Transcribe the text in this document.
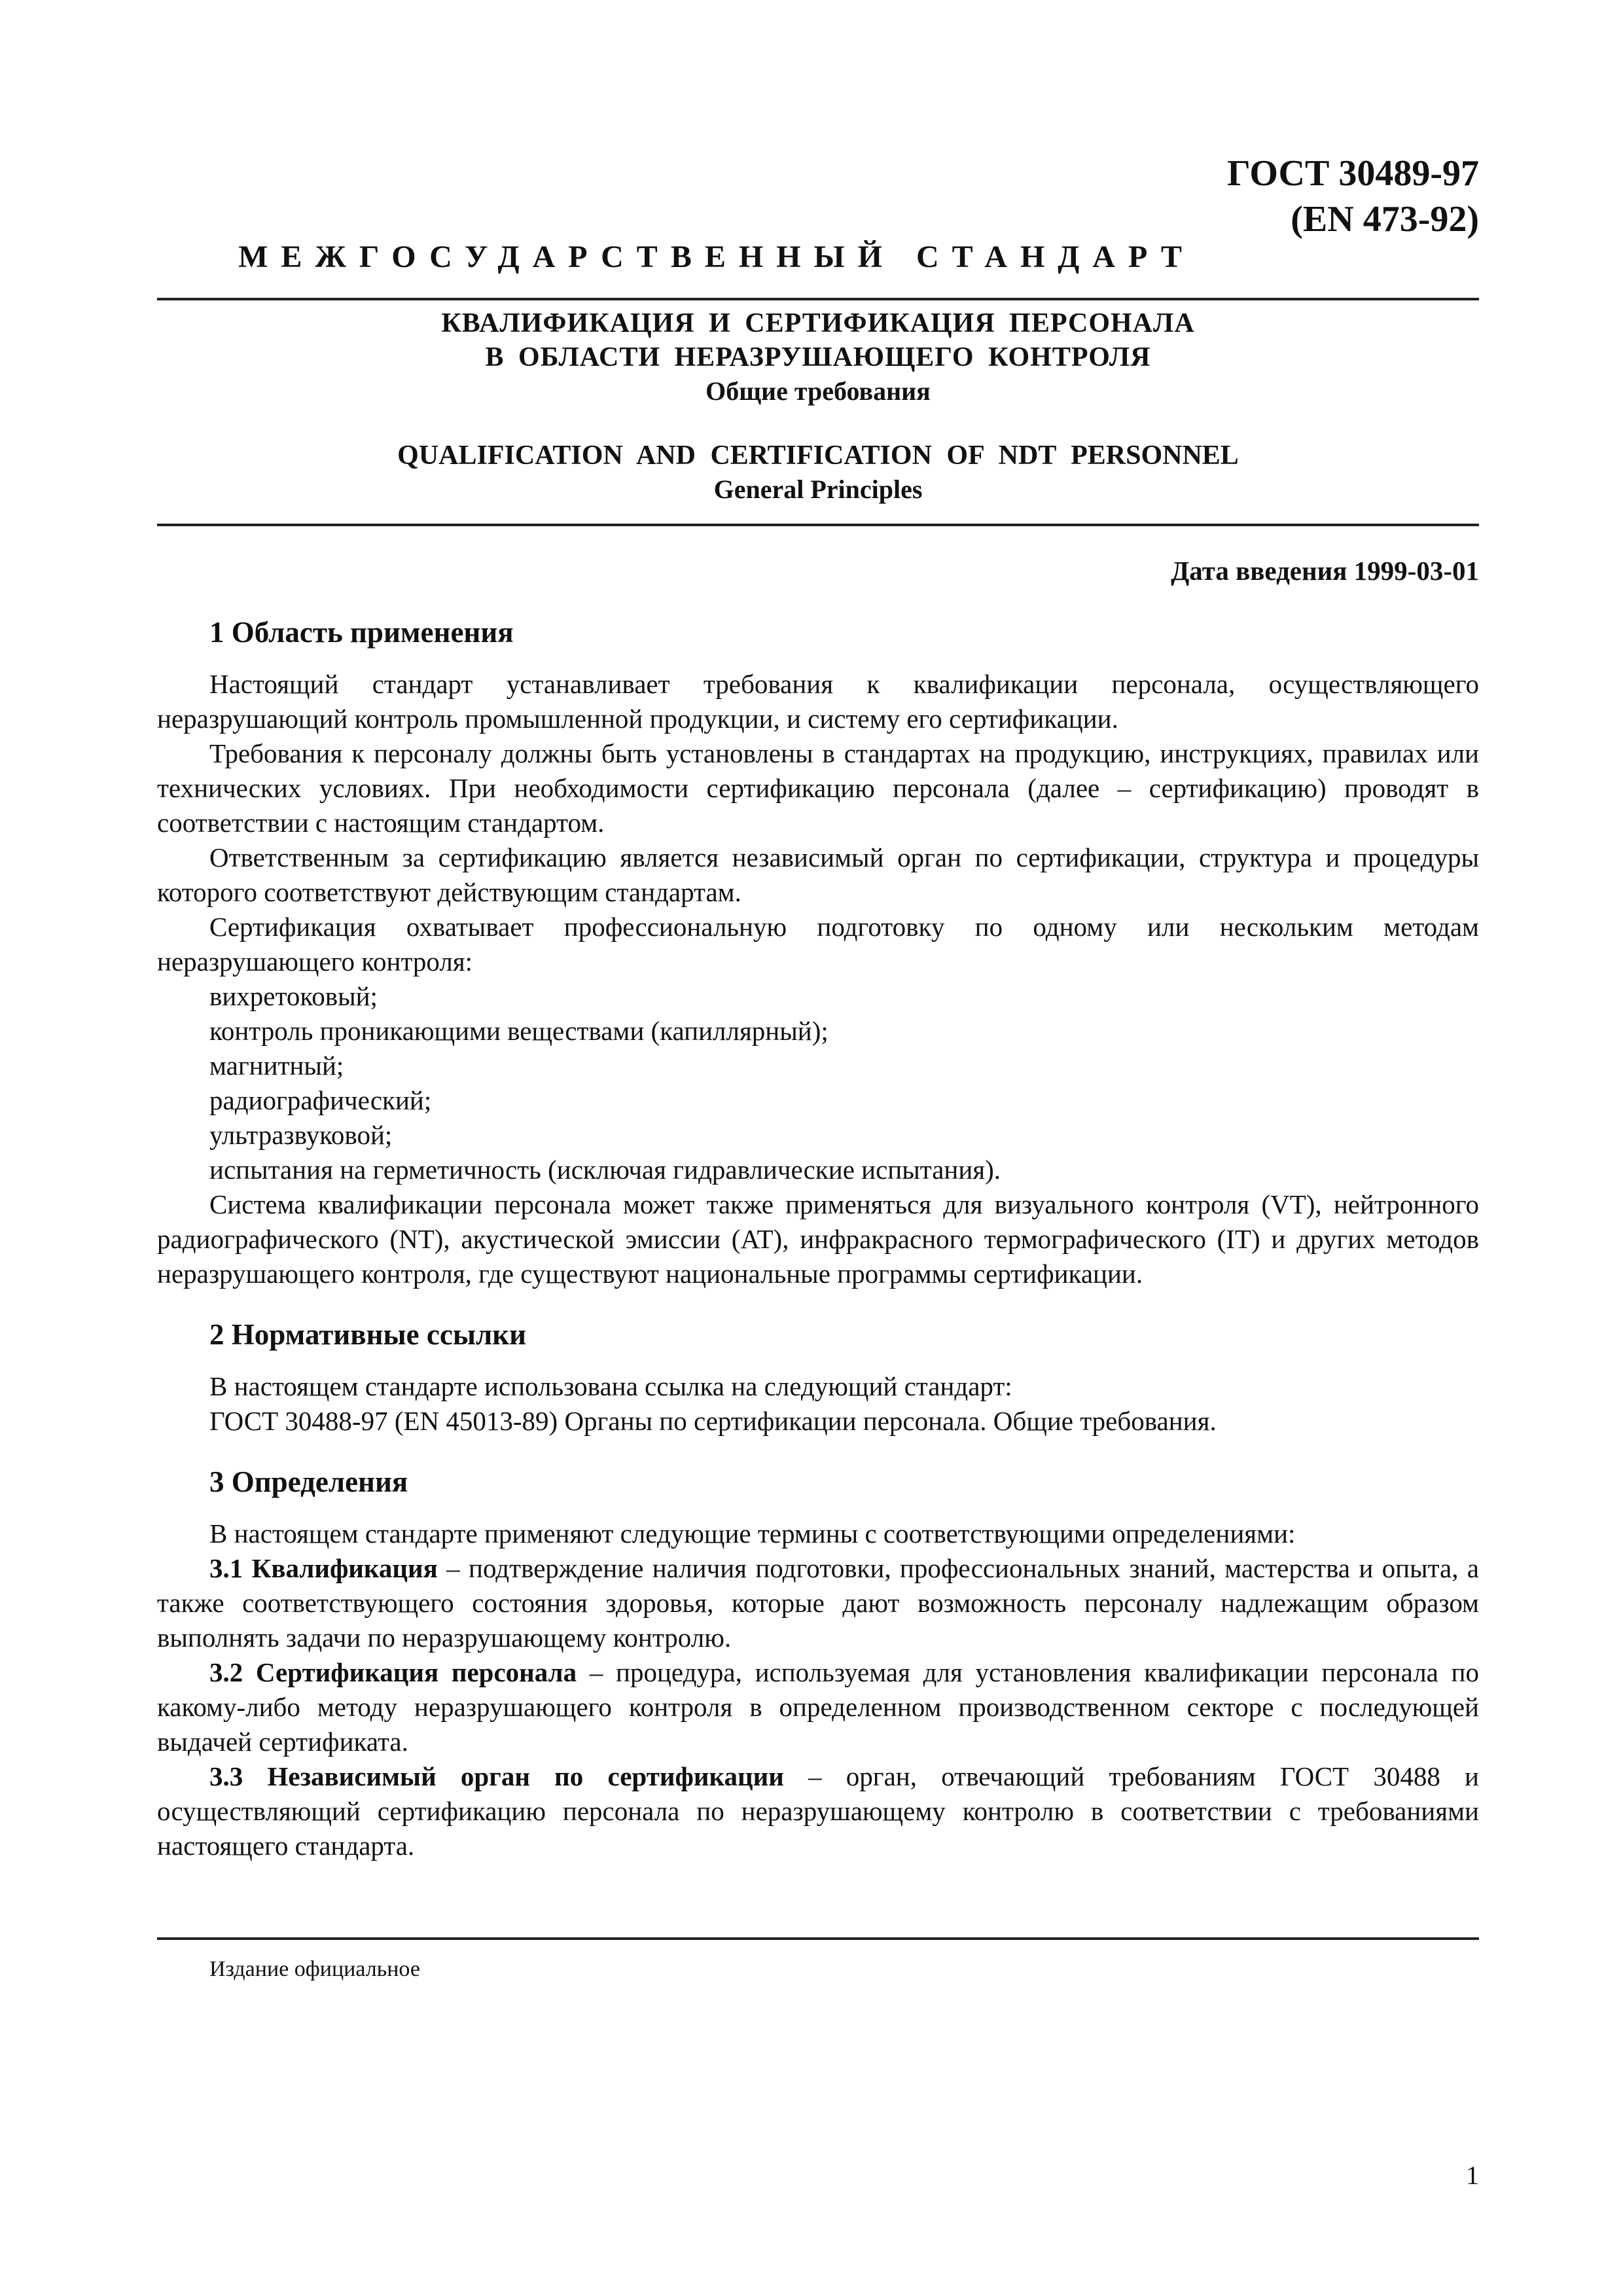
ГОСТ 30489-97
(EN 473-92)
МЕЖГОСУДАРСТВЕННЫЙ СТАНДАРТ
КВАЛИФИКАЦИЯ И СЕРТИФИКАЦИЯ ПЕРСОНАЛА
В ОБЛАСТИ НЕРАЗРУШАЮЩЕГО КОНТРОЛЯ
Общие требования
QUALIFICATION AND CERTIFICATION OF NDT PERSONNEL
General Principles
Дата введения 1999-03-01
1 Область применения

Настоящий стандарт устанавливает требования к квалификации персонала, осуществляющего неразрушающий контроль промышленной продукции, и систему его сертификации.

Требования к персоналу должны быть установлены в стандартах на продукцию, инструкциях, правилах или технических условиях. При необходимости сертификацию персонала (далее – сертификацию) проводят в соответствии с настоящим стандартом.

Ответственным за сертификацию является независимый орган по сертификации, структура и процедуры которого соответствуют действующим стандартам.

Сертификация охватывает профессиональную подготовку по одному или нескольким методам неразрушающего контроля:

вихретоковый;

контроль проникающими веществами (капиллярный);

магнитный;

радиографический;

ультразвуковой;

испытания на герметичность (исключая гидравлические испытания).

Система квалификации персонала может также применяться для визуального контроля (VT), нейтронного радиографического (NT), акустической эмиссии (AT), инфракрасного термографического (IT) и других методов неразрушающего контроля, где существуют национальные программы сертификации.

2 Нормативные ссылки

В настоящем стандарте использована ссылка на следующий стандарт:

ГОСТ 30488-97 (EN 45013-89) Органы по сертификации персонала. Общие требования.

3 Определения

В настоящем стандарте применяют следующие термины с соответствующими определениями:

3.1 Квалификация – подтверждение наличия подготовки, профессиональных знаний, мастерства и опыта, а также соответствующего состояния здоровья, которые дают возможность персоналу надлежащим образом выполнять задачи по неразрушающему контролю.

3.2 Сертификация персонала – процедура, используемая для установления квалификации персонала по какому-либо методу неразрушающего контроля в определенном производственном секторе с последующей выдачей сертификата.

3.3 Независимый орган по сертификации – орган, отвечающий требованиям ГОСТ 30488 и осуществляющий сертификацию персонала по неразрушающему контролю в соответствии с требованиями настоящего стандарта.

Издание официальное
1
